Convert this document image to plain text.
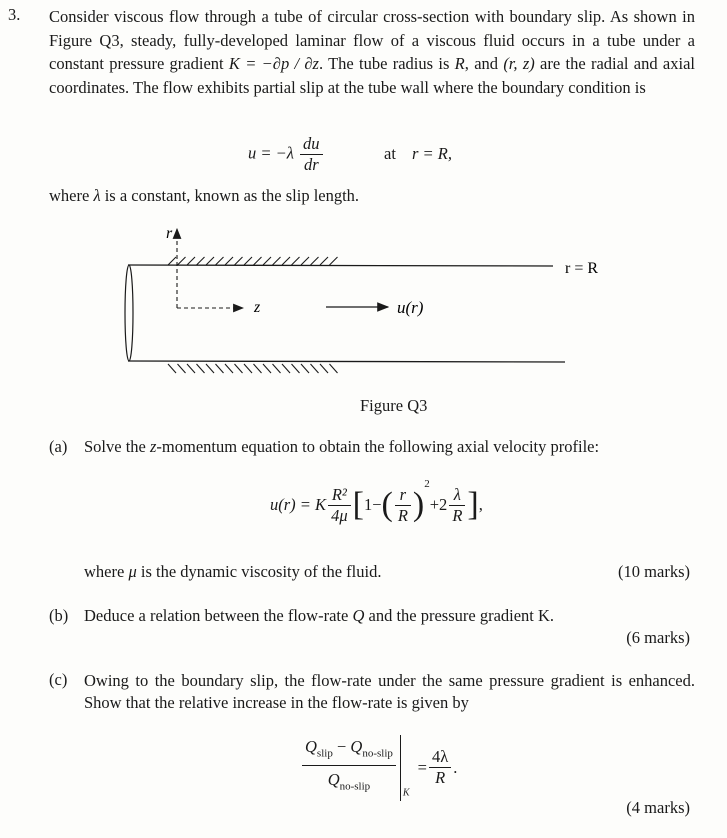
3. Consider viscous flow through a tube of circular cross-section with boundary slip. As shown in Figure Q3, steady, fully-developed laminar flow of a viscous fluid occurs in a tube under a constant pressure gradient K = −∂p / ∂z. The tube radius is R, and (r, z) are the radial and axial coordinates. The flow exhibits partial slip at the tube wall where the boundary condition is
$u = -\lambda \frac{du}{dr}$	at r = R,
where λ is a constant, known as the slip length.
r
z	u(r)
r = R
Figure Q3
(a) Solve the z-momentum equation to obtain the following axial velocity profile:
u(r) = K $\frac{\text{R²}}{4\mu} [1-( \frac{r}{R} )^2+2 \frac{\lambda}{R}$ ],
where μ is the dynamic viscosity of the fluid.	(10 marks)
(b) Deduce a relation between the flow-rate Q and the pressure gradient K.
(6 marks)
(c) Owing to the boundary slip, the flow-rate under the same pressure gradient is enhanced. Show that the relative increase in the flow-rate is given by
$\frac{Q_{slip} - Q_{no-slip}}{Q_{no-slip}} _K = \frac{4\lambda}{R}$ .
(4 marks)
